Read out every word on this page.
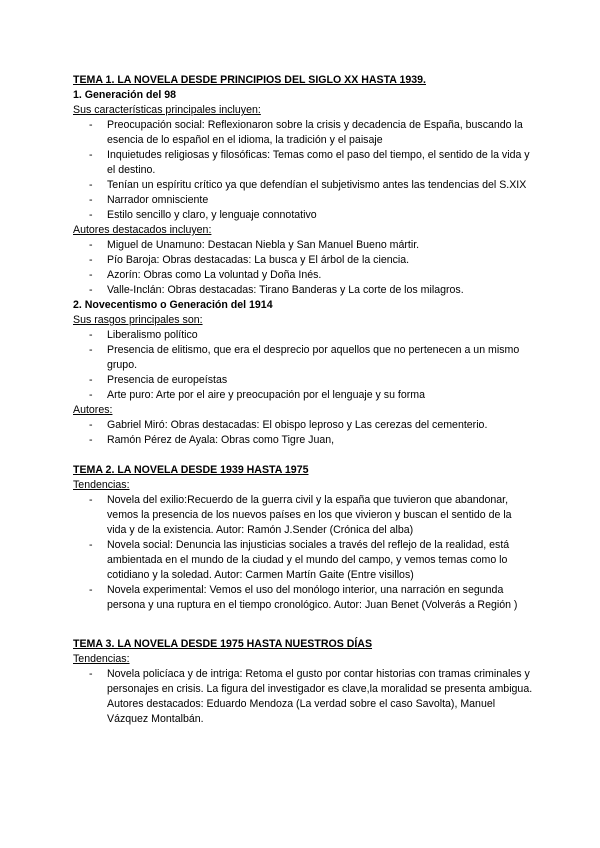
TEMA 1. LA NOVELA DESDE PRINCIPIOS DEL SIGLO XX HASTA 1939.
1. Generación del 98
Sus características principales incluyen:
- Preocupación social: Reflexionaron sobre la crisis y decadencia de España, buscando la esencia de lo español en el idioma, la tradición y el paisaje
- Inquietudes religiosas y filosóficas: Temas como el paso del tiempo, el sentido de la vida y el destino.
- Tenían un espíritu crítico ya que defendían el subjetivismo antes las tendencias del S.XIX
- Narrador omnisciente
- Estilo sencillo y claro, y lenguaje connotativo
Autores destacados incluyen:
- Miguel de Unamuno: Destacan Niebla y San Manuel Bueno mártir.
- Pío Baroja: Obras destacadas: La busca y El árbol de la ciencia.
- Azorín: Obras como La voluntad y Doña Inés.
- Valle-Inclán: Obras destacadas: Tirano Banderas y La corte de los milagros.
2. Novecentismo o Generación del 1914
Sus rasgos principales son:
- Liberalismo político
- Presencia de elitismo, que era el desprecio por aquellos que no pertenecen a un mismo grupo.
- Presencia de europeístas
- Arte puro: Arte por el aire y preocupación por el lenguaje y su forma
Autores:
- Gabriel Miró: Obras destacadas: El obispo leproso y Las cerezas del cementerio.
- Ramón Pérez de Ayala: Obras como Tigre Juan,
TEMA 2. LA NOVELA DESDE 1939 HASTA 1975
Tendencias:
- Novela del exilio:Recuerdo de la guerra civil y la españa que tuvieron que abandonar, vemos la presencia de los nuevos países en los que vivieron y buscan el sentido de la vida y de la existencia. Autor: Ramón J.Sender (Crónica del alba)
- Novela social: Denuncia las injusticias sociales a través del reflejo de la realidad, está ambientada en el mundo de la ciudad y el mundo del campo, y vemos temas como lo cotidiano y la soledad. Autor: Carmen Martín Gaite (Entre visillos)
- Novela experimental: Vemos el uso del monólogo interior, una narración en segunda persona y una ruptura en el tiempo cronológico. Autor: Juan Benet (Volverás a Región )
TEMA 3. LA NOVELA DESDE 1975 HASTA NUESTROS DÍAS
Tendencias:
- Novela policíaca y de intriga: Retoma el gusto por contar historias con tramas criminales y personajes en crisis. La figura del investigador es clave,la moralidad se presenta ambigua.
Autores destacados: Eduardo Mendoza (La verdad sobre el caso Savolta), Manuel Vázquez Montalbán.
